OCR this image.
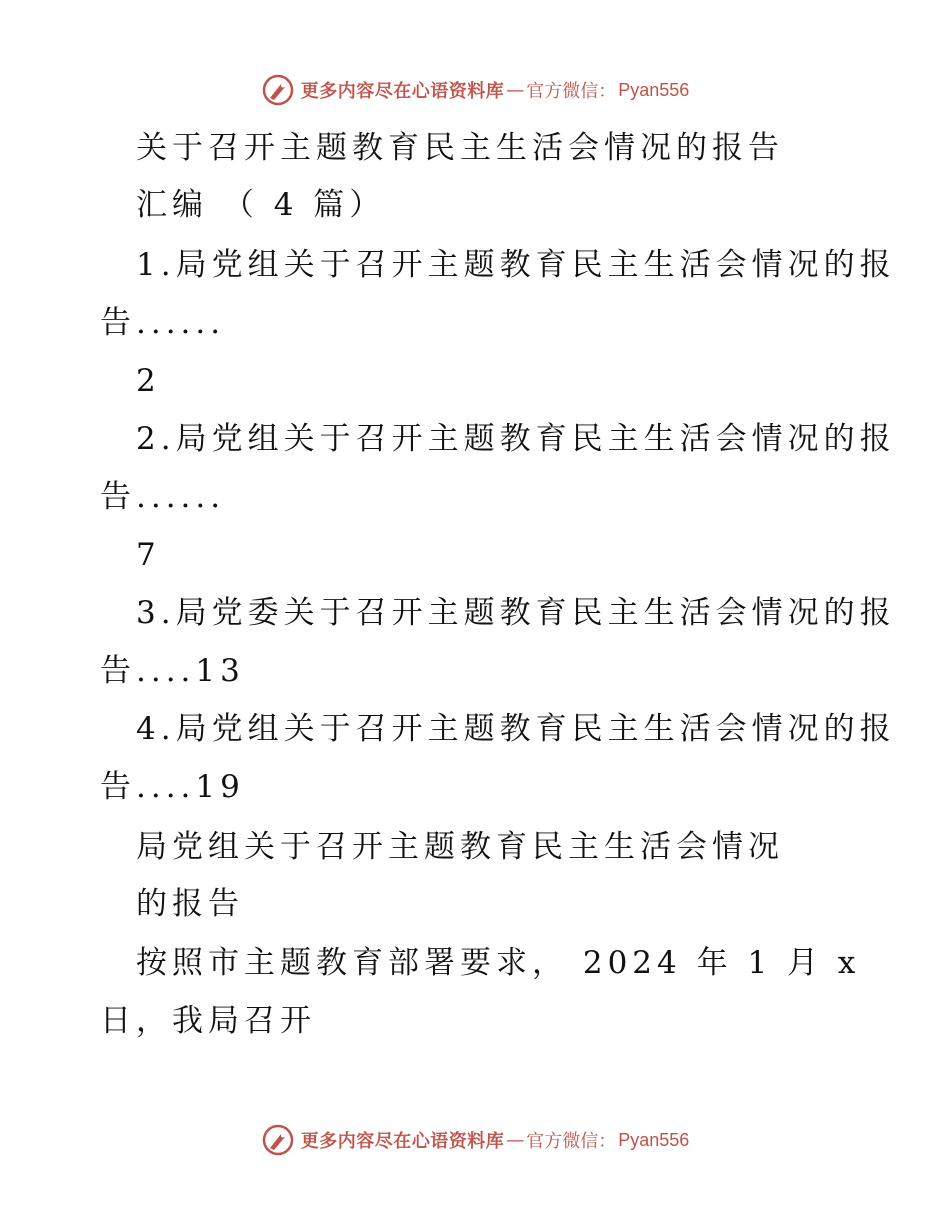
更多内容尽在心语资料库 — 官方微信： Pyan556
关于召开主题教育民主生活会情况的报告
汇编 （ 4 篇）
1.局党组关于召开主题教育民主生活会情况的报
告......
2
2.局党组关于召开主题教育民主生活会情况的报
告......
7
3.局党委关于召开主题教育民主生活会情况的报
告....13
4.局党组关于召开主题教育民主生活会情况的报
告....19
局党组关于召开主题教育民主生活会情况
的报告
按照市主题教育部署要求， 2024 年 1 月 x
日，我局召开
更多内容尽在心语资料库 — 官方微信： Pyan556
